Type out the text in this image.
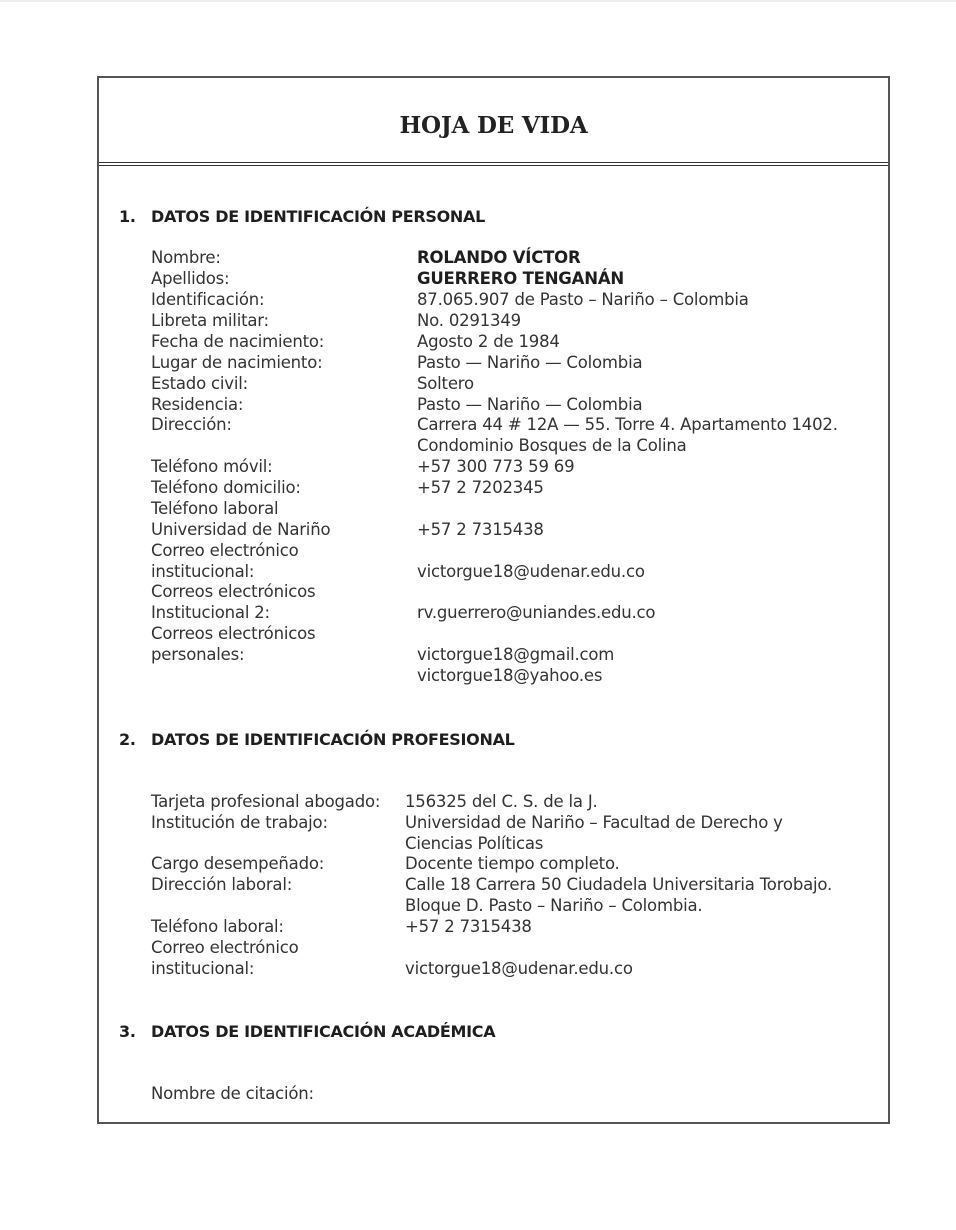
HOJA DE VIDA
1. DATOS DE IDENTIFICACIÓN PERSONAL
Nombre:	ROLANDO VÍCTOR
Apellidos:	GUERRERO TENGANÁN
Identificación:	87.065.907 de Pasto – Nariño – Colombia
Libreta militar:	No. 0291349
Fecha de nacimiento:	Agosto 2 de 1984
Lugar de nacimiento:	Pasto — Nariño — Colombia
Estado civil:	Soltero
Residencia:	Pasto — Nariño — Colombia
Dirección:	Carrera 44 # 12A — 55. Torre 4. Apartamento 1402.
Condominio Bosques de la Colina
Teléfono móvil:	+57 300 773 59 69
Teléfono domicilio:	+57 2 7202345
Teléfono laboral
Universidad de Nariño	+57 2 7315438
Correo electrónico
institucional:	victorgue18@udenar.edu.co
Correos electrónicos
Institucional 2:	rv.guerrero@uniandes.edu.co
Correos electrónicos
personales:	victorgue18@gmail.com
victorgue18@yahoo.es
2. DATOS DE IDENTIFICACIÓN PROFESIONAL
Tarjeta profesional abogado: 156325 del C. S. de la J.
Institución de trabajo:	Universidad de Nariño – Facultad de Derecho y
Ciencias Políticas
Cargo desempeñado:	Docente tiempo completo.
Dirección laboral:	Calle 18 Carrera 50 Ciudadela Universitaria Torobajo.
Bloque D. Pasto – Nariño – Colombia.
Teléfono laboral:	+57 2 7315438
Correo electrónico
institucional:	victorgue18@udenar.edu.co
3. DATOS DE IDENTIFICACIÓN ACADÉMICA
Nombre de citación:
